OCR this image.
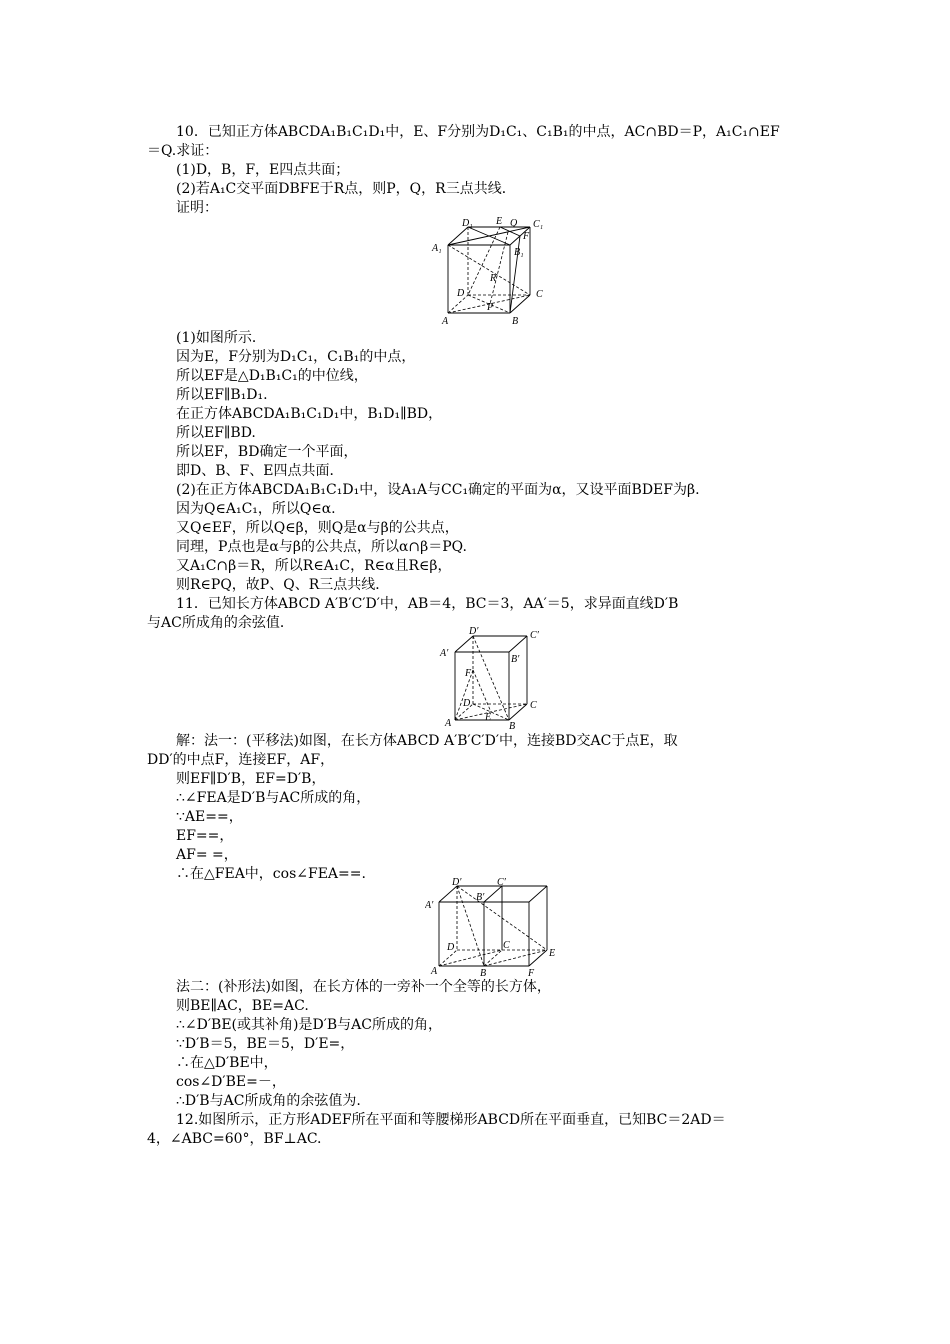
10．已知正方体ABCDA₁B₁C₁D₁中，E、F分别为D₁C₁、C₁B₁的中点，AC∩BD＝P，A₁C₁∩EF
＝Q.求证：
(1)D，B，F，E四点共面；
(2)若A₁C交平面DBFE于R点，则P，Q，R三点共线．
证明：
D₁ E Q C₁
F
A₁	B₁
R
D	C
P
A	B
(1)如图所示．
因为E，F分别为D₁C₁，C₁B₁的中点，
所以EF是△D₁B₁C₁的中位线，
所以EF∥B₁D₁.
在正方体ABCDA₁B₁C₁D₁中，B₁D₁∥BD，
所以EF∥BD.
所以EF，BD确定一个平面，
即D、B、F、E四点共面．
(2)在正方体ABCDA₁B₁C₁D₁中，设A₁A与CC₁确定的平面为α，又设平面BDEF为β.
因为Q∈A₁C₁，所以Q∈α.
又Q∈EF，所以Q∈β，则Q是α与β的公共点，
同理，P点也是α与β的公共点，所以α∩β＝PQ.
又A₁C∩β＝R，所以R∈A₁C，R∈α且R∈β，
则R∈PQ，故P、Q、R三点共线．
11．已知长方体ABCD A′B′C′D′中，AB＝4，BC＝3，AA′＝5，求异面直线D′B
与AC所成角的余弦值．
D′	C′
A′
B′
F
D
E
C
A	B
解：法一：(平移法)如图，在长方体ABCD A′B′C′D′中，连接BD交AC于点E，取
DD′的中点F，连接EF，AF，
则EF∥D′B，EF=D′B，
∴∠FEA是D′B与AC所成的角，
∵AE==，
EF==，
AF= =，
∴在△FEA中，cos∠FEA==.
D′	C′
A′
B′
D	C
E
A	B	F
法二：(补形法)如图，在长方体的一旁补一个全等的长方体，
则BE∥AC，BE=AC.
∴∠D′BE(或其补角)是D′B与AC所成的角，
∵D′B＝5，BE＝5，D′E=，
∴在△D′BE中，
cos∠D′BE=－，
∴D′B与AC所成角的余弦值为.
12.如图所示，正方形ADEF所在平面和等腰梯形ABCD所在平面垂直，已知BC＝2AD＝
4，∠ABC=60°，BF⊥AC.
